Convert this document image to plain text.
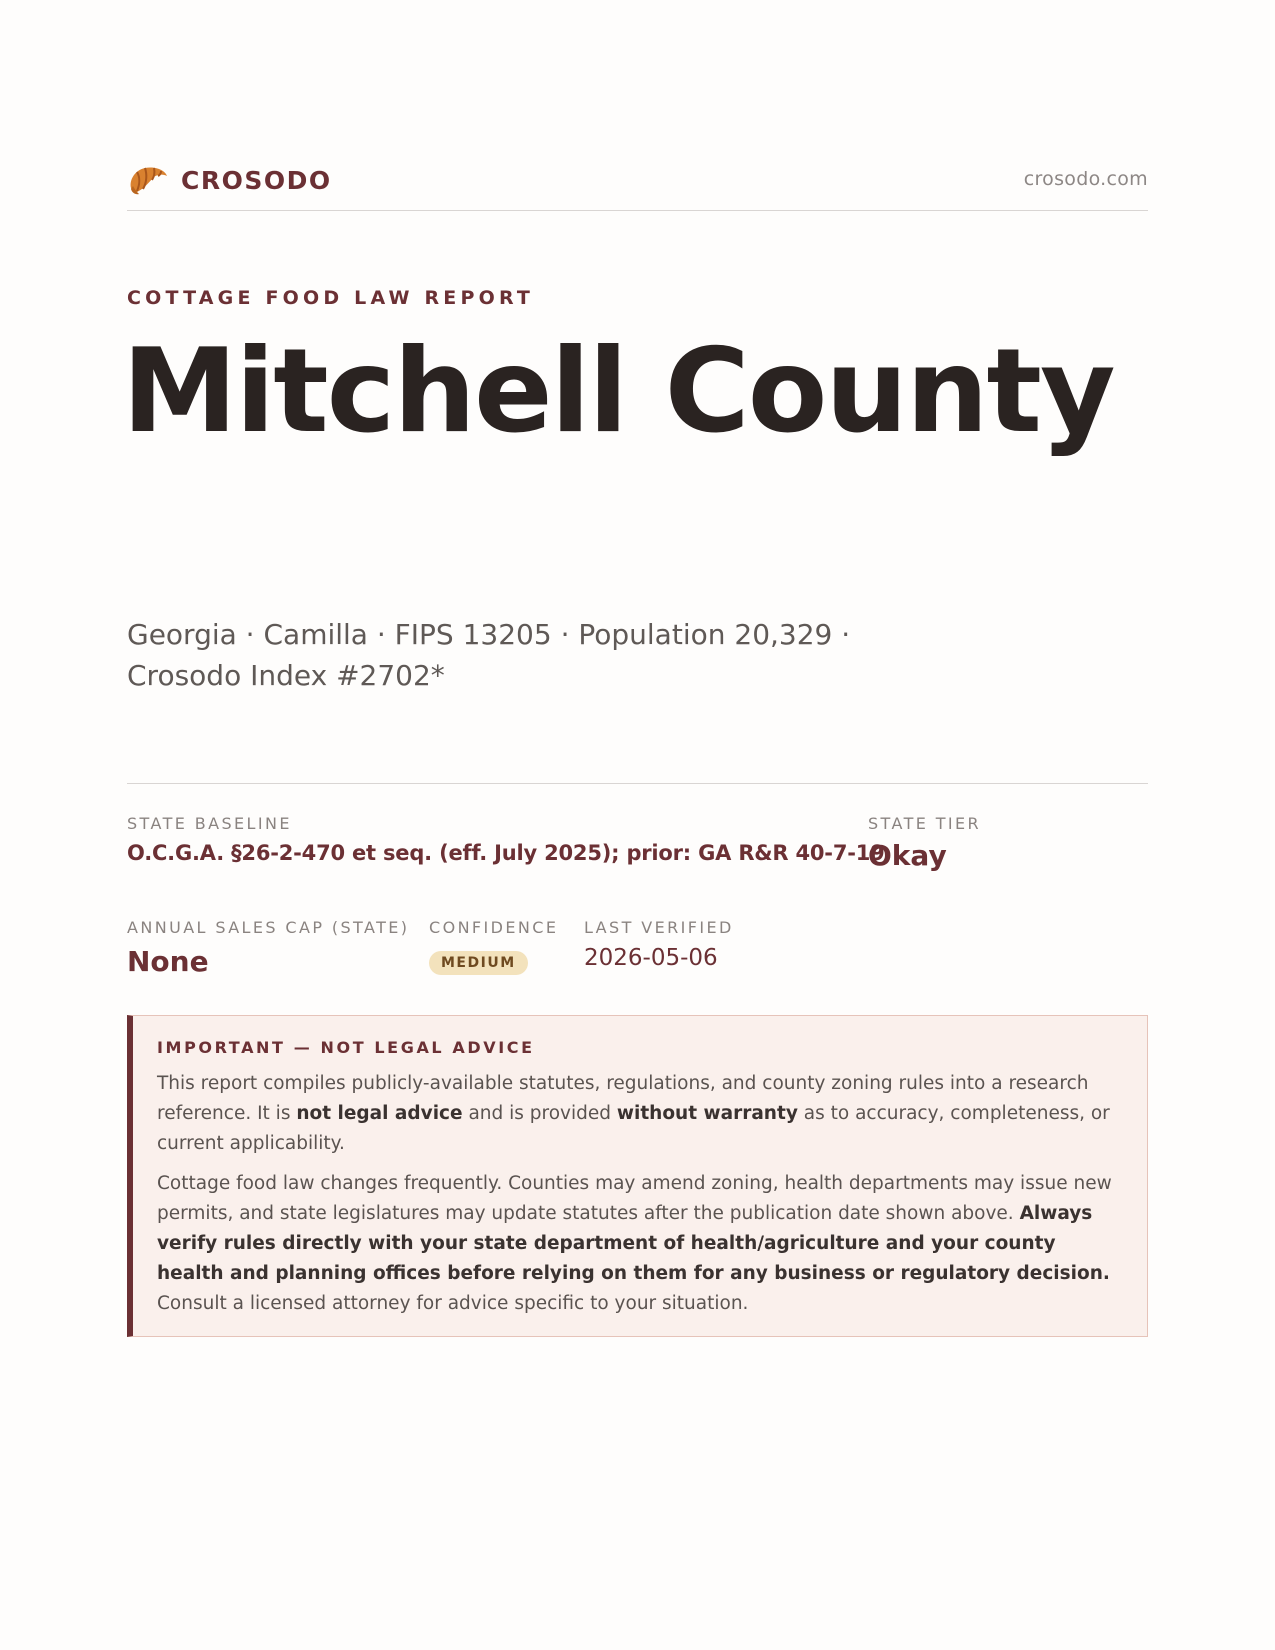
CROSODO	crosodo.com
COTTAGE FOOD LAW REPORT
Mitchell County
Georgia · Camilla · FIPS 13205 · Population 20,329 · Crosodo Index #2702*
STATE BASELINE
O.C.G.A. §26-2-470 et seq. (eff. July 2025); prior: GA R&R 40-7-19
STATE TIER
Okay
ANNUAL SALES CAP (STATE)
None
CONFIDENCE
MEDIUM
LAST VERIFIED
2026-05-06
IMPORTANT — NOT LEGAL ADVICE

This report compiles publicly-available statutes, regulations, and county zoning rules into a research reference. It is not legal advice and is provided without warranty as to accuracy, completeness, or current applicability.

Cottage food law changes frequently. Counties may amend zoning, health departments may issue new permits, and state legislatures may update statutes after the publication date shown above. Always verify rules directly with your state department of health/agriculture and your county health and planning offices before relying on them for any business or regulatory decision. Consult a licensed attorney for advice specific to your situation.
